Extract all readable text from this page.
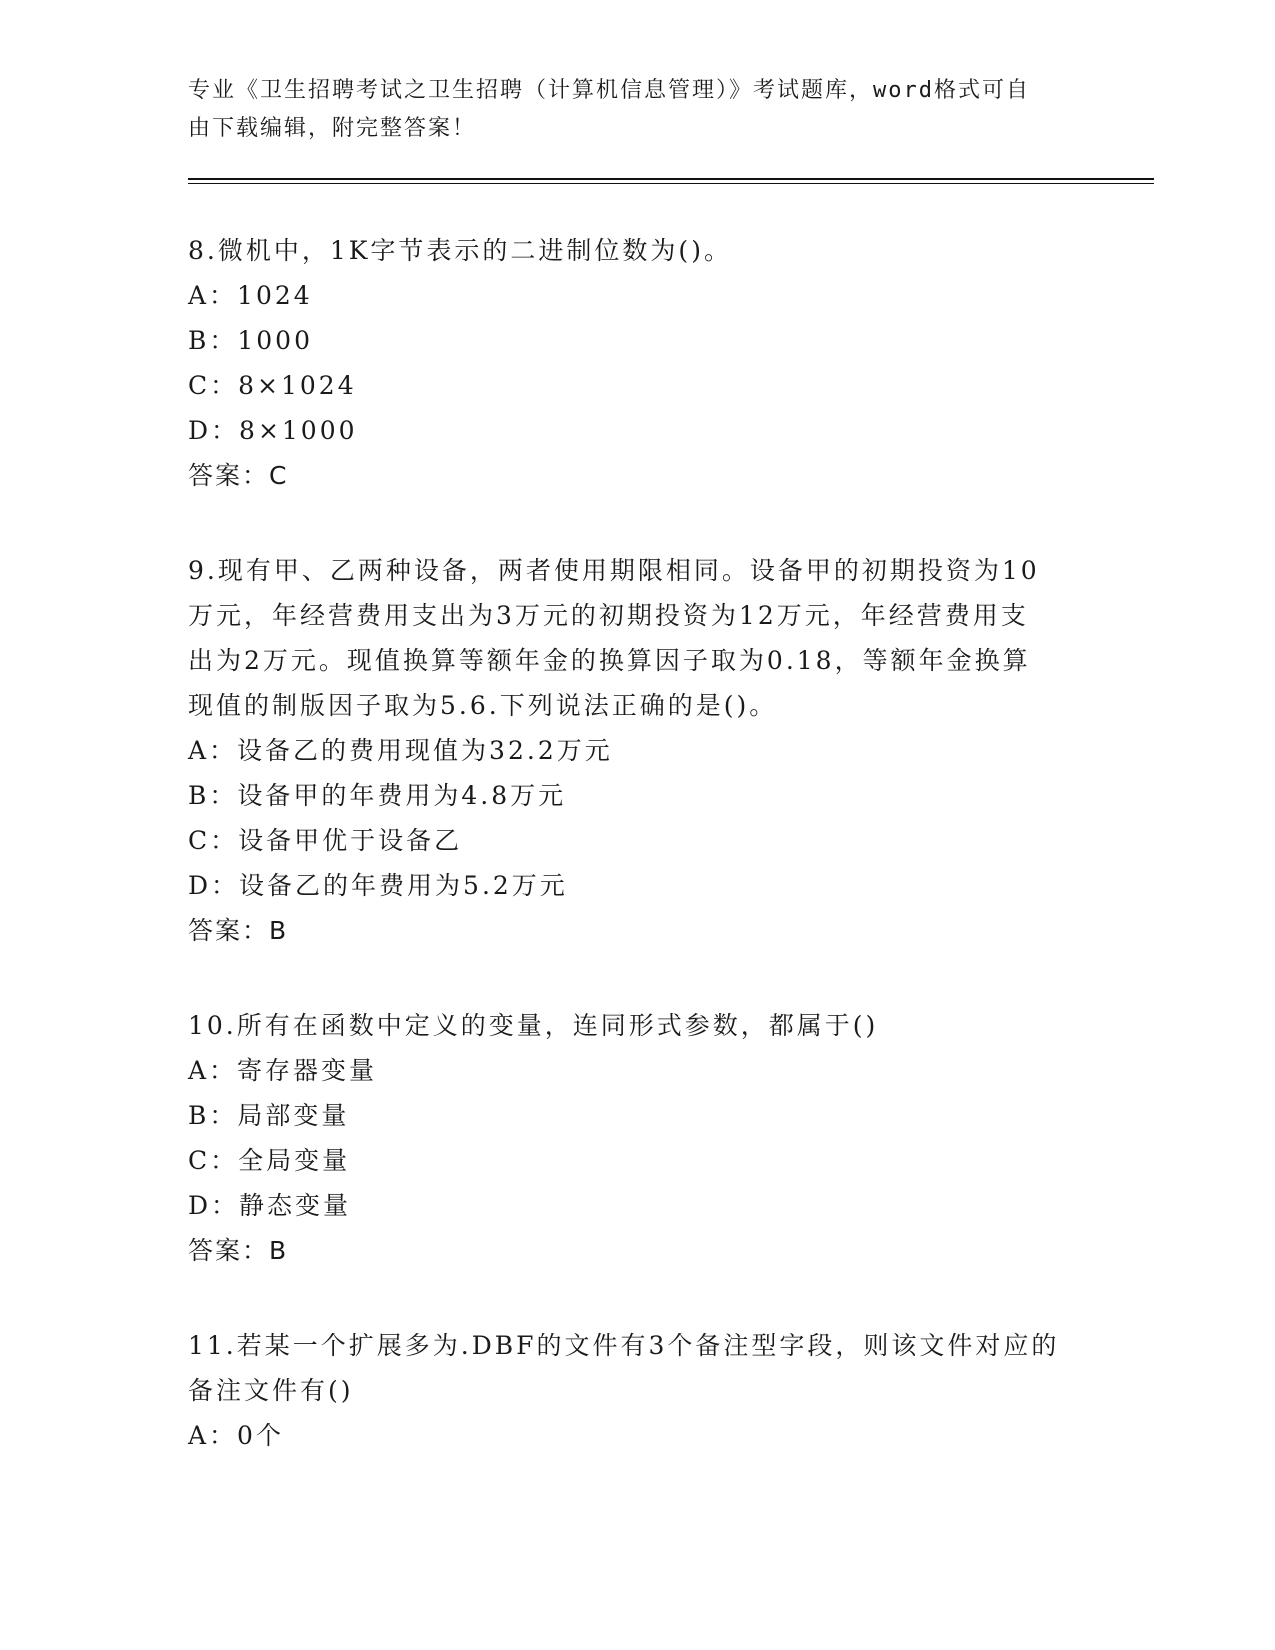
专业《卫生招聘考试之卫生招聘（计算机信息管理）》考试题库，word格式可自
由下载编辑，附完整答案！
8.微机中，1K字节表示的二进制位数为()。
A：1024
B：1000
C：8×1024
D：8×1000
答案：C
9.现有甲、乙两种设备，两者使用期限相同。设备甲的初期投资为10
万元，年经营费用支出为3万元的初期投资为12万元，年经营费用支
出为2万元。现值换算等额年金的换算因子取为0.18，等额年金换算
现值的制版因子取为5.6.下列说法正确的是()。
A：设备乙的费用现值为32.2万元
B：设备甲的年费用为4.8万元
C：设备甲优于设备乙
D：设备乙的年费用为5.2万元
答案：B
10.所有在函数中定义的变量，连同形式参数，都属于()
A：寄存器变量
B：局部变量
C：全局变量
D：静态变量
答案：B
11.若某一个扩展多为.DBF的文件有3个备注型字段，则该文件对应的
备注文件有()
A：0个
